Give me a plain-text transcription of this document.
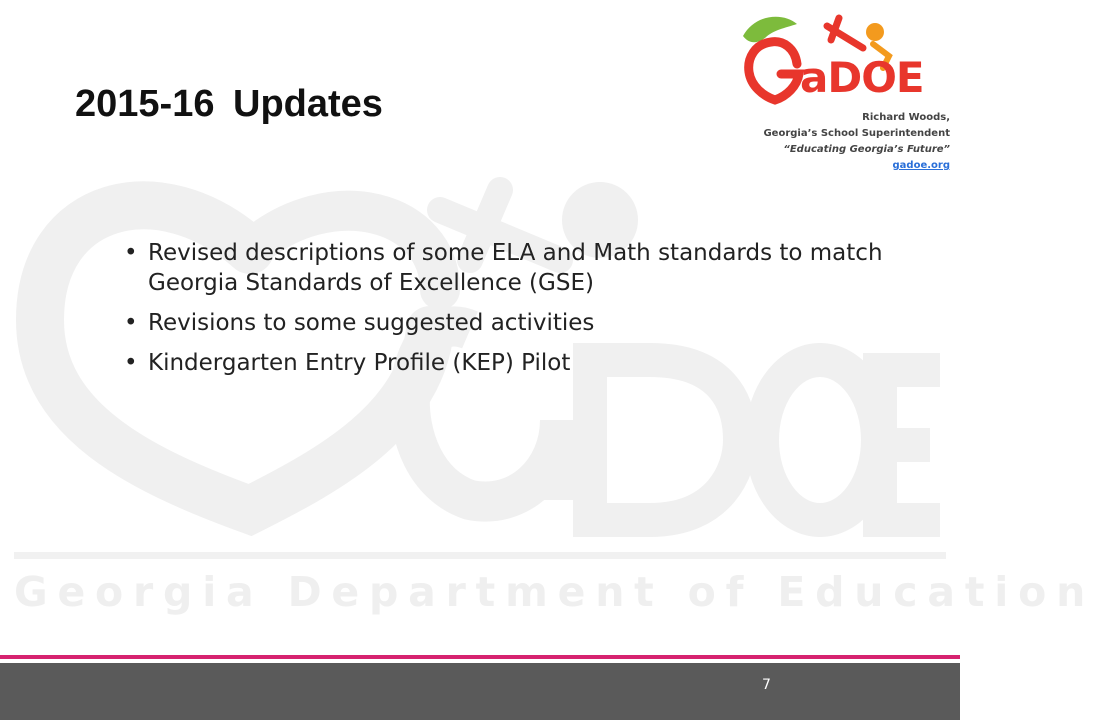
Georgia Department of Education
aDOE
Richard Woods,
Georgia’s School Superintendent
“Educating Georgia’s Future”
gadoe.org
2015-16 Updates
• Revised descriptions of some ELA and Math standards to match Georgia Standards of Excellence (GSE)
• Revisions to some suggested activities
• Kindergarten Entry Profile (KEP) Pilot
7
